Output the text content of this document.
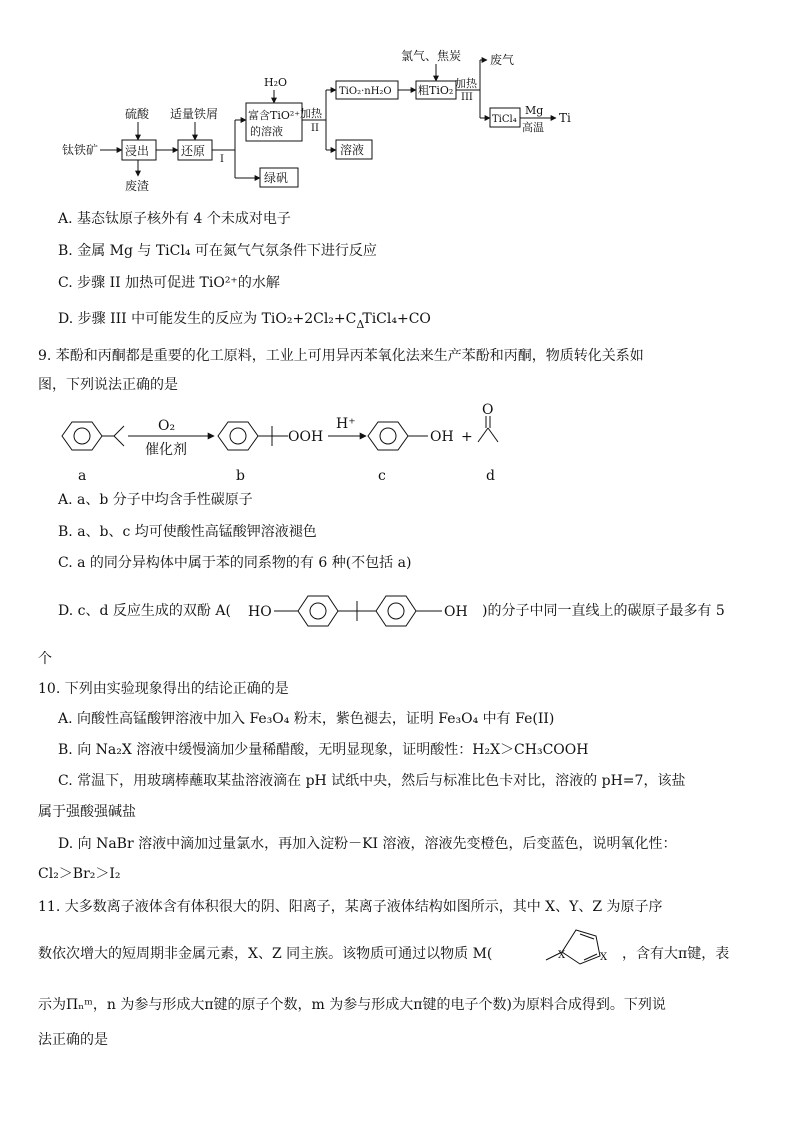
钛铁矿 浸出
硫酸
废渣
还原
适量铁屑
I
富含TiO²⁺
的溶液
H₂O
绿矾
加热
II
TiO₂·nH₂O
溶液
粗TiO₂
氯气、焦炭
加热
III
废气
TiCl₄
Mg
高温
Ti
A. 基态钛原子核外有 4 个未成对电子
B. 金属 Mg 与 TiCl₄ 可在氮气气氛条件下进行反应
C. 步骤 II 加热可促进 TiO²⁺的水解
D. 步骤 III 中可能发生的反应为 TiO₂+2Cl₂+C Δ
TiCl₄+CO
9. 苯酚和丙酮都是重要的化工原料，工业上可用异丙苯氧化法来生产苯酚和丙酮，物质转化关系如
图，下列说法正确的是
O₂
催化剂
OOH
H⁺
OH +
O
a	b	c	d
A. a、b 分子中均含手性碳原子
B. a、b、c 均可使酸性高锰酸钾溶液褪色
C. a 的同分异构体中属于苯的同系物的有 6 种(不包括 a)
D. c、d 反应生成的双酚 A( HO	OH )的分子中同一直线上的碳原子最多有 5
个
10. 下列由实验现象得出的结论正确的是
A. 向酸性高锰酸钾溶液中加入 Fe₃O₄ 粉末，紫色褪去，证明 Fe₃O₄ 中有 Fe(II)
B. 向 Na₂X 溶液中缓慢滴加少量稀醋酸，无明显现象，证明酸性：H₂X＞CH₃COOH
C. 常温下，用玻璃棒蘸取某盐溶液滴在 pH 试纸中央，然后与标准比色卡对比，溶液的 pH=7，该盐
属于强酸强碱盐
D. 向 NaBr 溶液中滴加过量氯水，再加入淀粉－KI 溶液，溶液先变橙色，后变蓝色，说明氧化性：
Cl₂＞Br₂＞I₂
11. 大多数离子液体含有体积很大的阴、阳离子，某离子液体结构如图所示，其中 X、Y、Z 为原子序
数依次增大的短周期非金属元素，X、Z 同主族。该物质可通过以物质 M(	X	X ，含有大π键，表
示为Πₙᵐ，n 为参与形成大π键的原子个数，m 为参与形成大π键的电子个数)为原料合成得到。下列说
法正确的是
